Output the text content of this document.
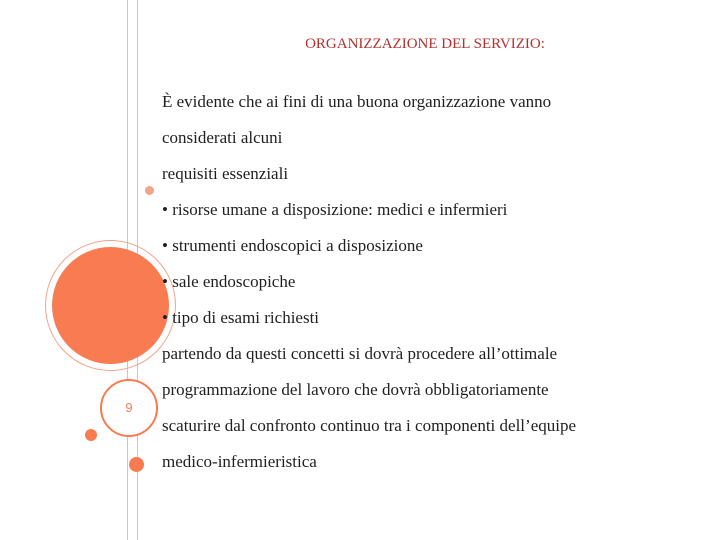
9
ORGANIZZAZIONE DEL SERVIZIO:
È evidente che ai fini di una buona organizzazione vanno
considerati alcuni
requisiti essenziali
• risorse umane a disposizione: medici e infermieri
• strumenti endoscopici a disposizione
• sale endoscopiche
• tipo di esami richiesti
partendo da questi concetti si dovrà procedere all’ottimale
programmazione del lavoro che dovrà obbligatoriamente
scaturire dal confronto continuo tra i componenti dell’equipe
medico-infermieristica
